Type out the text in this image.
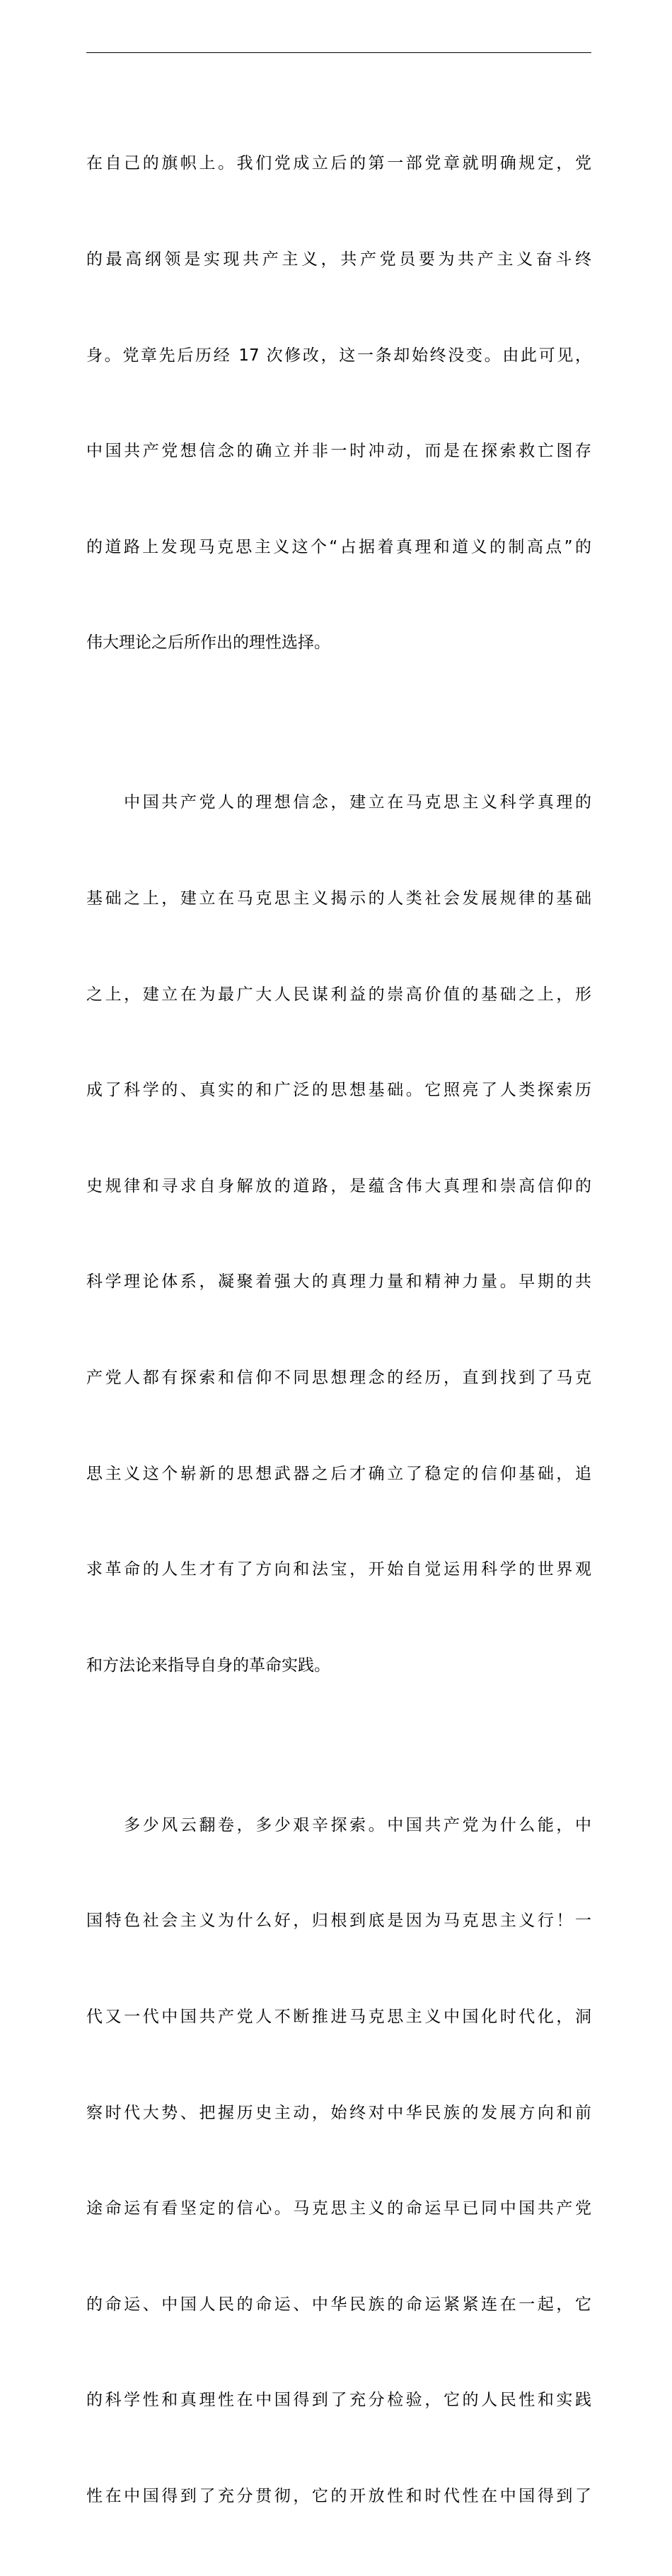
在自己的旗帜上。我们党成立后的第一部党章就明确规定，党

的最高纲领是实现共产主义，共产党员要为共产主义奋斗终

身。党章先后历经 17 次修改，这一条却始终没变。由此可见，

中国共产党想信念的确立并非一时冲动，而是在探索救亡图存

的道路上发现马克思主义这个“占据着真理和道义的制高点”的

伟大理论之后所作出的理性选择。

　　中国共产党人的理想信念，建立在马克思主义科学真理的

基础之上，建立在马克思主义揭示的人类社会发展规律的基础

之上，建立在为最广大人民谋利益的崇高价值的基础之上，形

成了科学的、真实的和广泛的思想基础。它照亮了人类探索历

史规律和寻求自身解放的道路，是蕴含伟大真理和崇高信仰的

科学理论体系，凝聚着强大的真理力量和精神力量。早期的共

产党人都有探索和信仰不同思想理念的经历，直到找到了马克

思主义这个崭新的思想武器之后才确立了稳定的信仰基础，追

求革命的人生才有了方向和法宝，开始自觉运用科学的世界观

和方法论来指导自身的革命实践。

　　多少风云翻卷，多少艰辛探索。中国共产党为什么能，中

国特色社会主义为什么好，归根到底是因为马克思主义行！一

代又一代中国共产党人不断推进马克思主义中国化时代化，洞

察时代大势、把握历史主动，始终对中华民族的发展方向和前

途命运有看坚定的信心。马克思主义的命运早已同中国共产党

的命运、中国人民的命运、中华民族的命运紧紧连在一起，它

的科学性和真理性在中国得到了充分检验，它的人民性和实践

性在中国得到了充分贯彻，它的开放性和时代性在中国得到了
